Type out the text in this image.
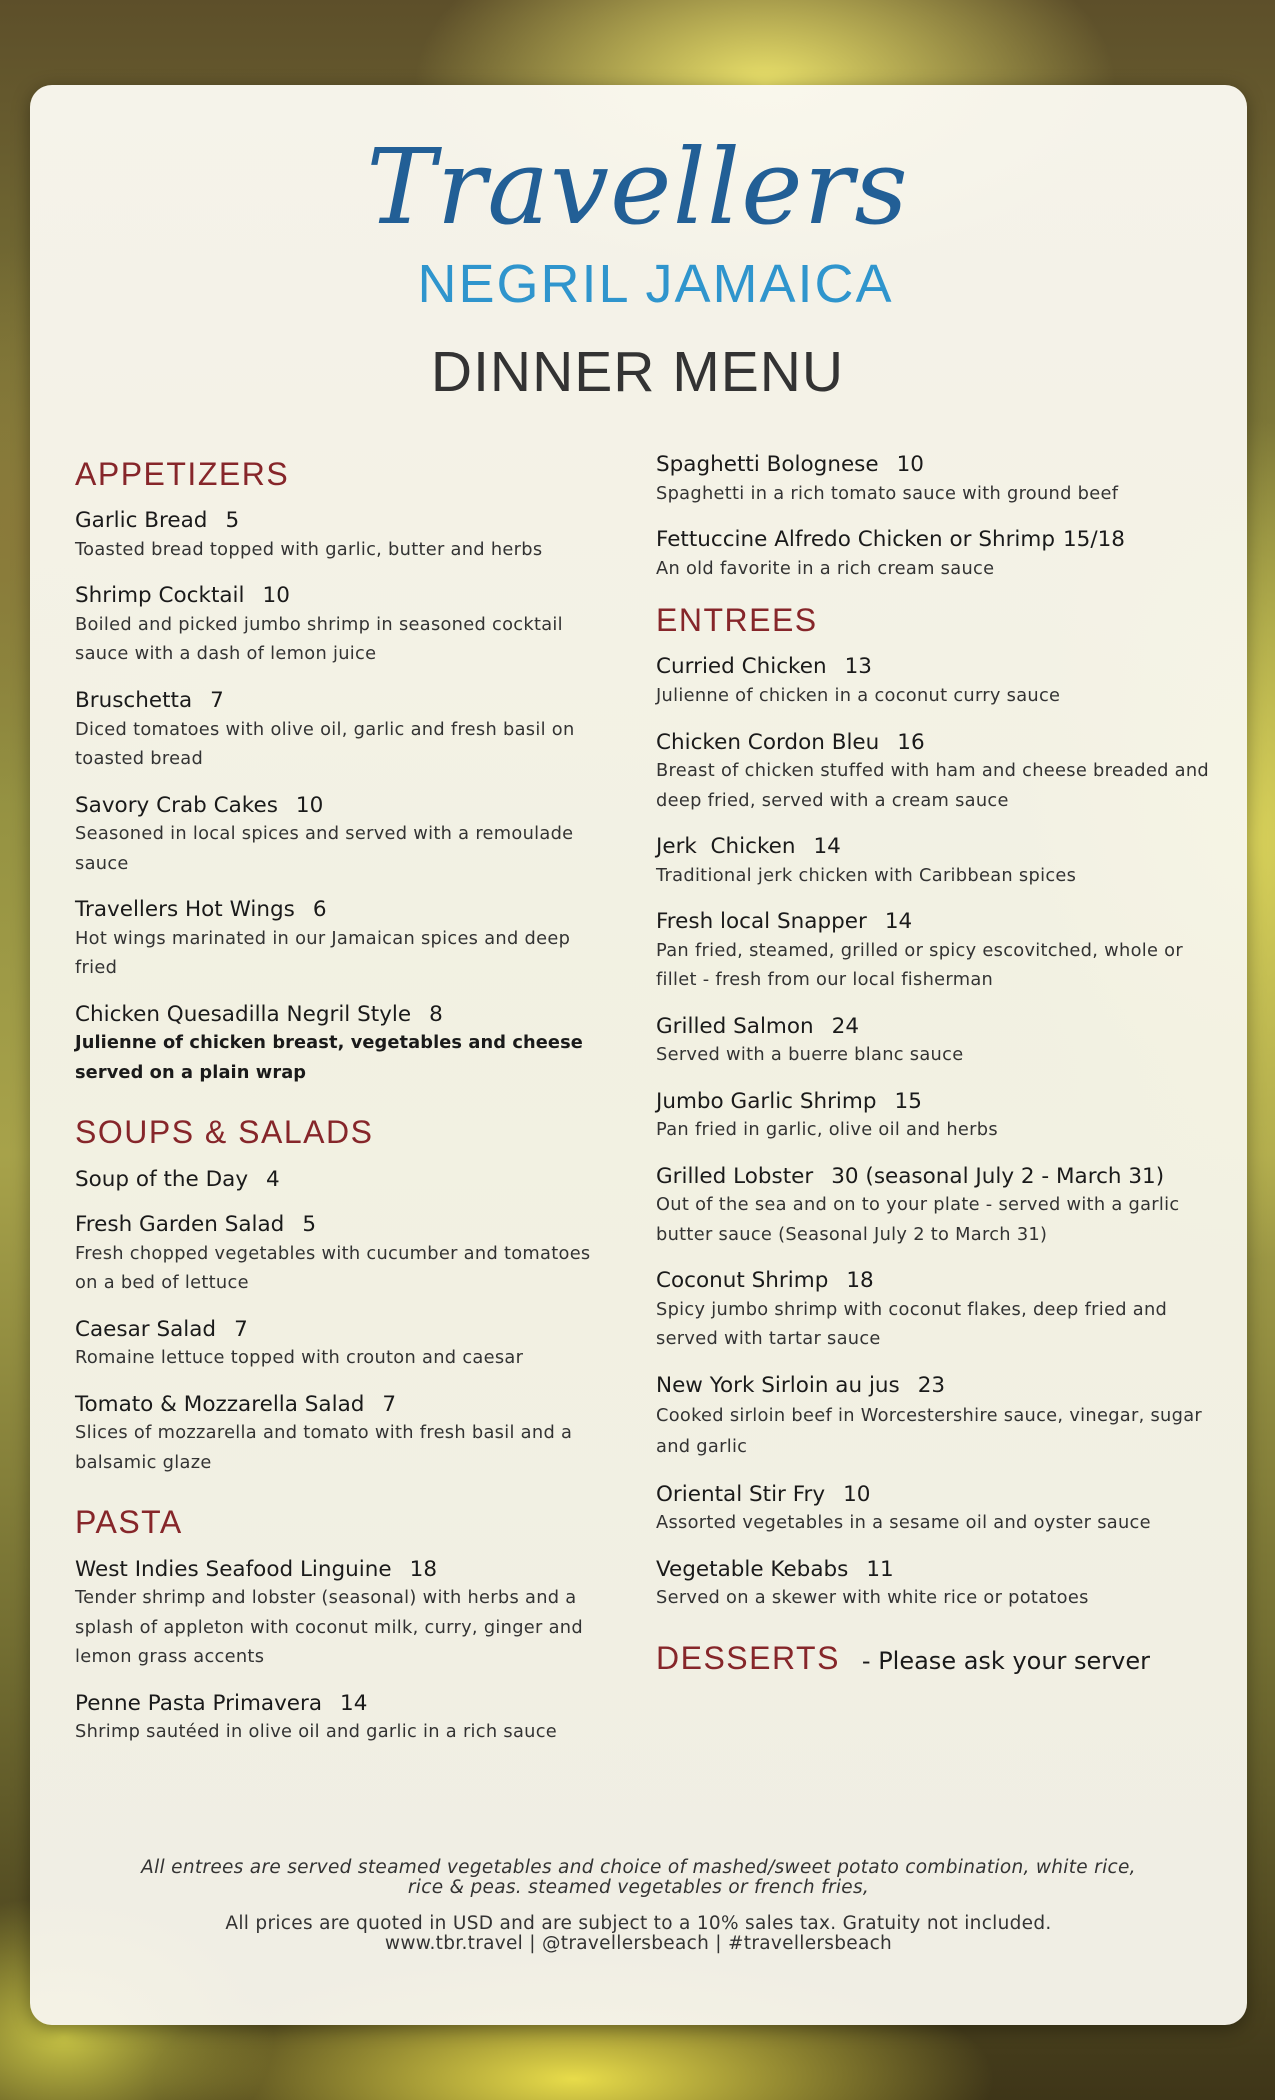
Travellers
NEGRIL JAMAICA
DINNER MENU
APPETIZERS
Garlic Bread 5
Toasted bread topped with garlic, butter and herbs
Shrimp Cocktail 10
Boiled and picked jumbo shrimp in seasoned cocktail sauce with a dash of lemon juice
Bruschetta 7
Diced tomatoes with olive oil, garlic and fresh basil on toasted bread
Savory Crab Cakes 10
Seasoned in local spices and served with a remoulade sauce
Travellers Hot Wings 6
Hot wings marinated in our Jamaican spices and deep fried
Chicken Quesadilla Negril Style 8
Julienne of chicken breast, vegetables and cheese served on a plain wrap
SOUPS & SALADS
Soup of the Day 4
Fresh Garden Salad 5
Fresh chopped vegetables with cucumber and tomatoes on a bed of lettuce
Caesar Salad 7
Romaine lettuce topped with crouton and caesar
Tomato & Mozzarella Salad 7
Slices of mozzarella and tomato with fresh basil and a balsamic glaze
PASTA
West Indies Seafood Linguine 18
Tender shrimp and lobster (seasonal) with herbs and a splash of appleton with coconut milk, curry, ginger and lemon grass accents
Penne Pasta Primavera 14
Shrimp sautéed in olive oil and garlic in a rich sauce
Spaghetti Bolognese 10
Spaghetti in a rich tomato sauce with ground beef
Fettuccine Alfredo Chicken or Shrimp 15/18
An old favorite in a rich cream sauce
ENTREES
Curried Chicken 13
Julienne of chicken in a coconut curry sauce
Chicken Cordon Bleu 16
Breast of chicken stuffed with ham and cheese breaded and deep fried, served with a cream sauce
Jerk  Chicken 14
Traditional jerk chicken with Caribbean spices
Fresh local Snapper 14
Pan fried, steamed, grilled or spicy escovitched, whole or fillet - fresh from our local fisherman
Grilled Salmon 24
Served with a buerre blanc sauce
Jumbo Garlic Shrimp 15
Pan fried in garlic, olive oil and herbs
Grilled Lobster 30 (seasonal July 2 - March 31)
Out of the sea and on to your plate - served with a garlic butter sauce (Seasonal July 2 to March 31)
Coconut Shrimp 18
Spicy jumbo shrimp with coconut flakes, deep fried and served with tartar sauce
New York Sirloin au jus 23
Cooked sirloin beef in Worcestershire sauce, vinegar, sugar and garlic
Oriental Stir Fry 10
Assorted vegetables in a sesame oil and oyster sauce
Vegetable Kebabs 11
Served on a skewer with white rice or potatoes
DESSERTS - Please ask your server
All entrees are served steamed vegetables and choice of mashed/sweet potato combination, white rice,
rice & peas. steamed vegetables or french fries,
All prices are quoted in USD and are subject to a 10% sales tax. Gratuity not included.
www.tbr.travel | @travellersbeach | #travellersbeach
